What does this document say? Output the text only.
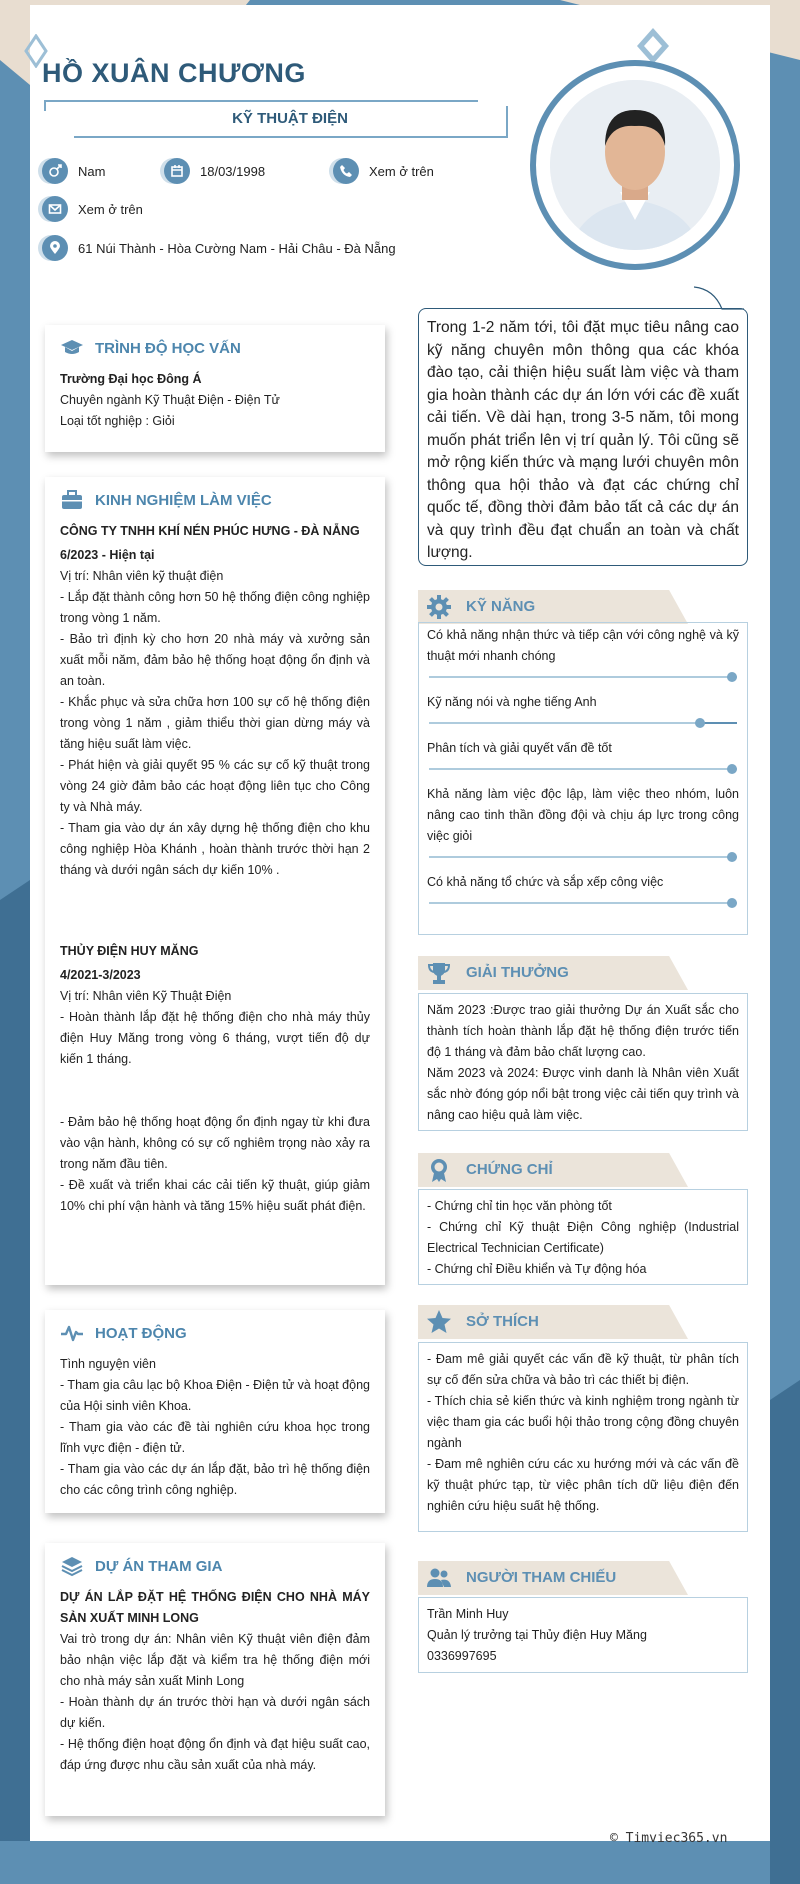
HỒ XUÂN CHƯƠNG
KỸ THUẬT ĐIỆN
Nam	18/03/1998	Xem ở trên
Xem ở trên
61 Núi Thành - Hòa Cường Nam - Hải Châu - Đà Nẵng
TRÌNH ĐỘ HỌC VẤN
Trường Đại học Đông Á
Chuyên ngành Kỹ Thuật Điện - Điện Tử
Loại tốt nghiệp : Giỏi
KINH NGHIỆM LÀM VIỆC
CÔNG TY TNHH KHÍ NÉN PHÚC HƯNG - ĐÀ NẴNG
6/2023 - Hiện tại
Vị trí: Nhân viên kỹ thuật điện
- Lắp đặt thành công hơn 50 hệ thống điện công nghiệp trong vòng 1 năm.
- Bảo trì định kỳ cho hơn 20 nhà máy và xưởng sản xuất mỗi năm, đảm bảo hệ thống hoạt động ổn định và an toàn.
- Khắc phục và sửa chữa hơn 100 sự cố hệ thống điện trong vòng 1 năm , giảm thiểu thời gian dừng máy và tăng hiệu suất làm việc.
- Phát hiện và giải quyết 95 % các sự cố kỹ thuật trong vòng 24 giờ đảm bảo các hoạt động liên tục cho Công ty và Nhà máy.
- Tham gia vào dự án xây dựng hệ thống điện cho khu công nghiệp Hòa Khánh , hoàn thành trước thời hạn 2 tháng và dưới ngân sách dự kiến 10% .
THỦY ĐIỆN HUY MĂNG
4/2021-3/2023
Vị trí: Nhân viên Kỹ Thuật Điện
- Hoàn thành lắp đặt hệ thống điện cho nhà máy thủy điện Huy Măng trong vòng 6 tháng, vượt tiến độ dự kiến 1 tháng.
- Đảm bảo hệ thống hoạt động ổn định ngay từ khi đưa vào vận hành, không có sự cố nghiêm trọng nào xảy ra trong năm đầu tiên.
- Đề xuất và triển khai các cải tiến kỹ thuật, giúp giảm 10% chi phí vận hành và tăng 15% hiệu suất phát điện.
HOẠT ĐỘNG
Tình nguyện viên
- Tham gia câu lạc bộ Khoa Điện - Điện tử và hoạt động của Hội sinh viên Khoa.
- Tham gia vào các đề tài nghiên cứu khoa học trong lĩnh vực điện - điện tử.
- Tham gia vào các dự án lắp đặt, bảo trì hệ thống điện cho các công trình công nghiệp.
DỰ ÁN THAM GIA
DỰ ÁN LẮP ĐẶT HỆ THỐNG ĐIỆN CHO NHÀ MÁY SẢN XUẤT MINH LONG
Vai trò trong dự án: Nhân viên Kỹ thuật viên điện đảm bảo nhận việc lắp đặt và kiểm tra hệ thống điện mới cho nhà máy sản xuất Minh Long
- Hoàn thành dự án trước thời hạn và dưới ngân sách dự kiến.
- Hệ thống điện hoạt động ổn định và đạt hiệu suất cao, đáp ứng được nhu cầu sản xuất của nhà máy.
Trong 1-2 năm tới, tôi đặt mục tiêu nâng cao kỹ năng chuyên môn thông qua các khóa đào tạo, cải thiện hiệu suất làm việc và tham gia hoàn thành các dự án lớn với các đề xuất cải tiến. Về dài hạn, trong 3-5 năm, tôi mong muốn phát triển lên vị trí quản lý. Tôi cũng sẽ mở rộng kiến thức và mạng lưới chuyên môn thông qua hội thảo và đạt các chứng chỉ quốc tế, đồng thời đảm bảo tất cả các dự án và quy trình đều đạt chuẩn an toàn và chất lượng.
KỸ NĂNG
Có khả năng nhận thức và tiếp cận với công nghệ và kỹ thuật mới nhanh chóng
Kỹ năng nói và nghe tiếng Anh
Phân tích và giải quyết vấn đề tốt
Khả năng làm việc độc lập, làm việc theo nhóm, luôn nâng cao tinh thần đồng đội và chịu áp lực trong công việc giỏi
Có khả năng tổ chức và sắp xếp công việc
GIẢI THƯỞNG
Năm 2023 :Được trao giải thưởng Dự án Xuất sắc cho thành tích hoàn thành lắp đặt hệ thống điện trước tiến độ 1 tháng và đảm bảo chất lượng cao.
Năm 2023 và 2024: Được vinh danh là Nhân viên Xuất sắc nhờ đóng góp nổi bật trong việc cải tiến quy trình và nâng cao hiệu quả làm việc.
CHỨNG CHỈ
- Chứng chỉ tin học văn phòng tốt
- Chứng chỉ Kỹ thuật Điện Công nghiệp (Industrial Electrical Technician Certificate)
- Chứng chỉ Điều khiển và Tự động hóa
SỞ THÍCH
- Đam mê giải quyết các vấn đề kỹ thuật, từ phân tích sự cố đến sửa chữa và bảo trì các thiết bị điện.
- Thích chia sẻ kiến thức và kinh nghiệm trong ngành từ việc tham gia các buổi hội thảo trong cộng đồng chuyên ngành
- Đam mê nghiên cứu các xu hướng mới và các vấn đề kỹ thuật phức tạp, từ việc phân tích dữ liệu điện đến nghiên cứu hiệu suất hệ thống.
NGƯỜI THAM CHIẾU
Trần Minh Huy
Quản lý trưởng tại Thủy điện Huy Măng
0336997695
© Timviec365.vn
